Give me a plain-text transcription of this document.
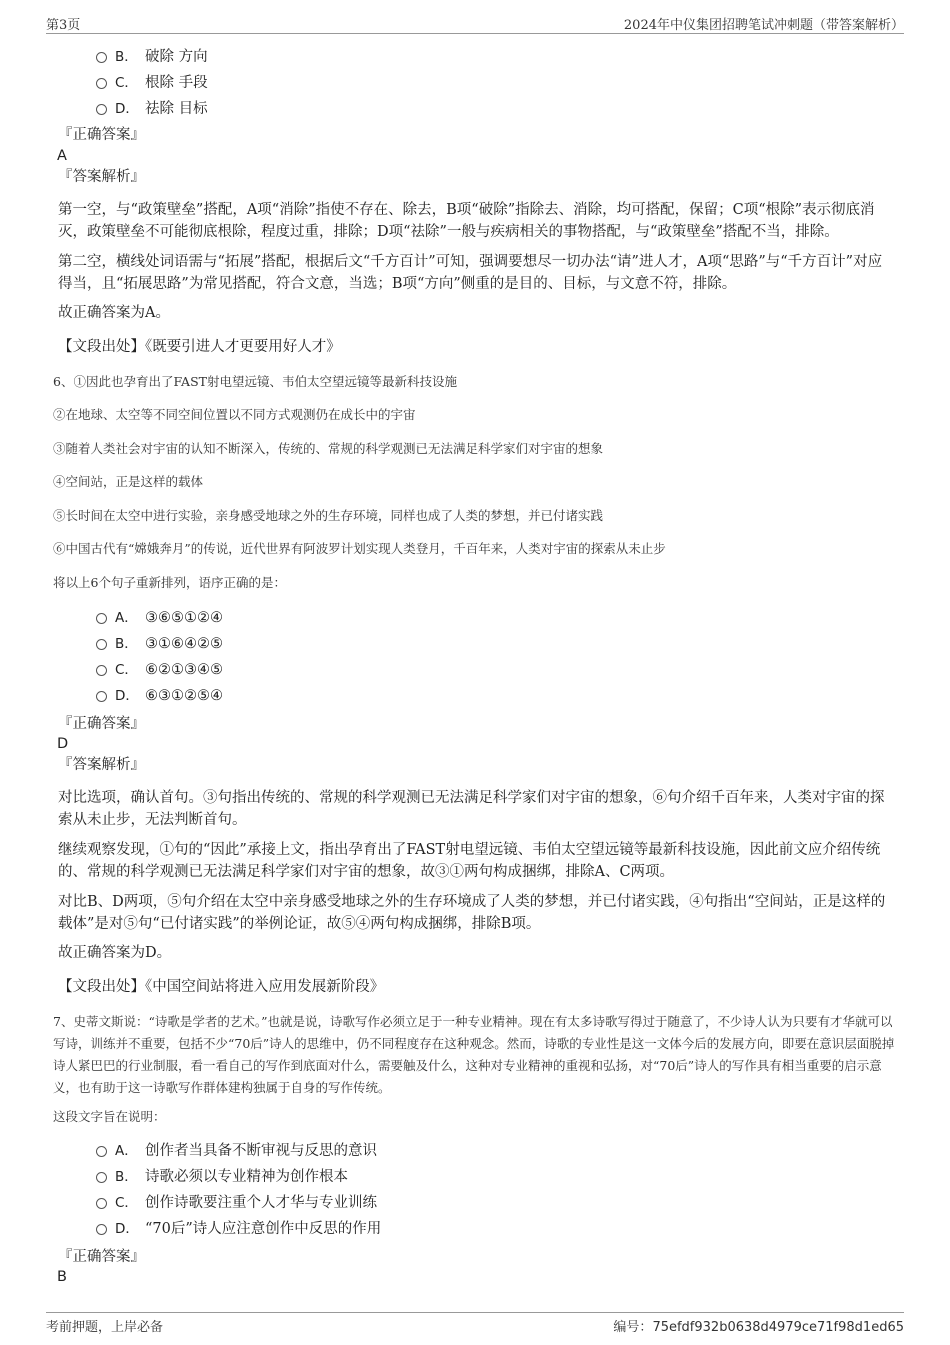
第3页	2024年中仪集团招聘笔试冲刺题（带答案解析）
B． 破除 方向
C． 根除 手段
D． 祛除 目标
『正确答案』
A
『答案解析』
第一空，与“政策壁垒”搭配，A项“消除”指使不存在、除去，B项“破除”指除去、消除，均可搭配，保留；C项“根除”表示彻底消灭，政策壁垒不可能彻底根除，程度过重，排除；D项“祛除”一般与疾病相关的事物搭配，与“政策壁垒”搭配不当，排除。
第二空，横线处词语需与“拓展”搭配，根据后文“千方百计”可知，强调要想尽一切办法“请”进人才，A项“思路”与“千方百计”对应得当，且“拓展思路”为常见搭配，符合文意，当选；B项“方向”侧重的是目的、目标，与文意不符，排除。
故正确答案为A。
【文段出处】《既要引进人才更要用好人才》
6、①因此也孕育出了FAST射电望远镜、韦伯太空望远镜等最新科技设施
②在地球、太空等不同空间位置以不同方式观测仍在成长中的宇宙
③随着人类社会对宇宙的认知不断深入，传统的、常规的科学观测已无法满足科学家们对宇宙的想象
④空间站，正是这样的载体
⑤长时间在太空中进行实验，亲身感受地球之外的生存环境，同样也成了人类的梦想，并已付诸实践
⑥中国古代有“嫦娥奔月”的传说，近代世界有阿波罗计划实现人类登月，千百年来，人类对宇宙的探索从未止步
将以上6个句子重新排列，语序正确的是：
A． ③⑥⑤①②④
B． ③①⑥④②⑤
C． ⑥②①③④⑤
D． ⑥③①②⑤④
『正确答案』
D
『答案解析』
对比选项，确认首句。③句指出传统的、常规的科学观测已无法满足科学家们对宇宙的想象，⑥句介绍千百年来，人类对宇宙的探索从未止步，无法判断首句。
继续观察发现，①句的“因此”承接上文，指出孕育出了FAST射电望远镜、韦伯太空望远镜等最新科技设施，因此前文应介绍传统的、常规的科学观测已无法满足科学家们对宇宙的想象，故③①两句构成捆绑，排除A、C两项。
对比B、D两项，⑤句介绍在太空中亲身感受地球之外的生存环境成了人类的梦想，并已付诸实践，④句指出“空间站，正是这样的载体”是对⑤句“已付诸实践”的举例论证，故⑤④两句构成捆绑，排除B项。
故正确答案为D。
【文段出处】《中国空间站将进入应用发展新阶段》
7、史蒂文斯说：“诗歌是学者的艺术。”也就是说，诗歌写作必须立足于一种专业精神。现在有太多诗歌写得过于随意了，不少诗人认为只要有才华就可以写诗，训练并不重要，包括不少“70后”诗人的思维中，仍不同程度存在这种观念。然而，诗歌的专业性是这一文体今后的发展方向，即要在意识层面脱掉诗人紧巴巴的行业制服，看一看自己的写作到底面对什么，需要触及什么，这种对专业精神的重视和弘扬，对“70后”诗人的写作具有相当重要的启示意义，也有助于这一诗歌写作群体建构独属于自身的写作传统。
这段文字旨在说明：
A． 创作者当具备不断审视与反思的意识
B． 诗歌必须以专业精神为创作根本
C． 创作诗歌要注重个人才华与专业训练
D． “70后”诗人应注意创作中反思的作用
『正确答案』
B
考前押题，上岸必备	编号：75efdf932b0638d4979ce71f98d1ed65
